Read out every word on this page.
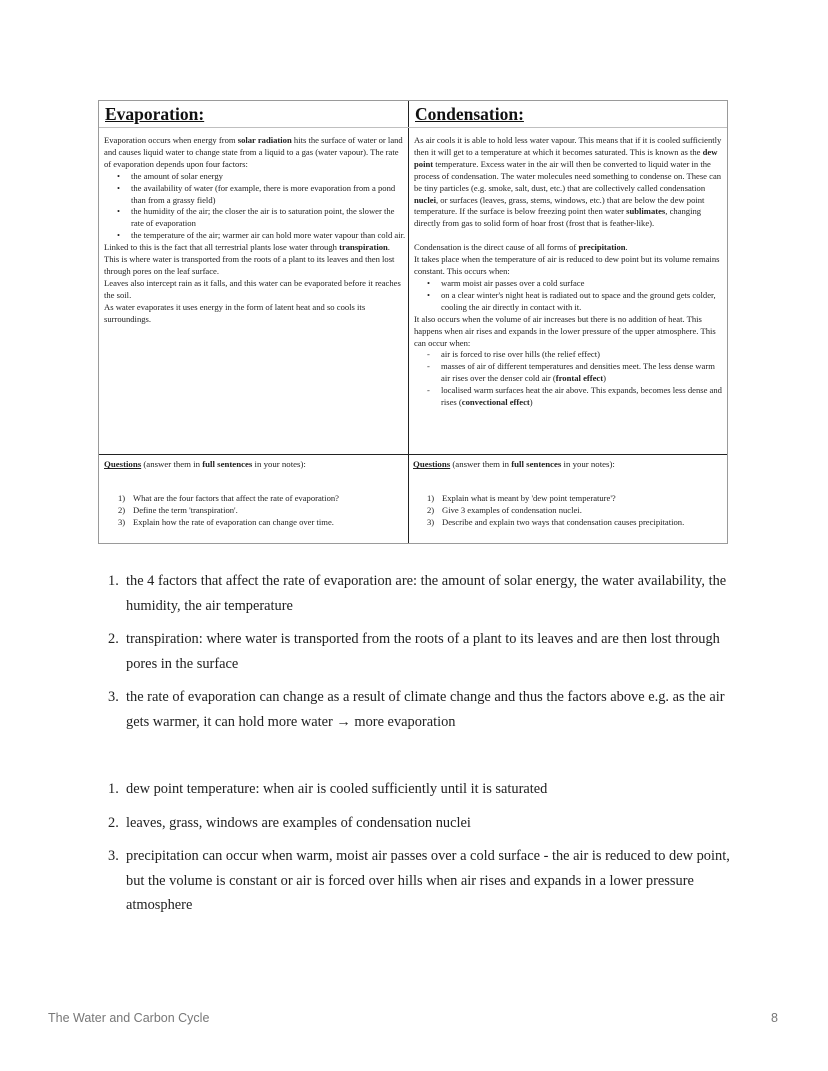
Evaporation:

Evaporation occurs when energy from solar radiation hits the surface of water or land and causes liquid water to change state from a liquid to a gas (water vapour). The rate of evaporation depends upon four factors:

• the amount of solar energy
• the availability of water (for example, there is more evaporation from a pond than from a grassy field)
• the humidity of the air; the closer the air is to saturation point, the slower the rate of evaporation
• the temperature of the air; warmer air can hold more water vapour than cold air.

Linked to this is the fact that all terrestrial plants lose water through transpiration. This is where water is transported from the roots of a plant to its leaves and then lost through pores on the leaf surface.

Leaves also intercept rain as it falls, and this water can be evaporated before it reaches the soil.

As water evaporates it uses energy in the form of latent heat and so cools its surroundings.

Condensation:

As air cools it is able to hold less water vapour. This means that if it is cooled sufficiently then it will get to a temperature at which it becomes saturated. This is known as the dew point temperature. Excess water in the air will then be converted to liquid water in the process of condensation. The water molecules need something to condense on. These can be tiny particles (e.g. smoke, salt, dust, etc.) that are collectively called condensation nuclei, or surfaces (leaves, grass, stems, windows, etc.) that are below the dew point temperature. If the surface is below freezing point then water sublimates, changing directly from gas to solid form of hoar frost (frost that is feather-like).

Condensation is the direct cause of all forms of precipitation.

It takes place when the temperature of air is reduced to dew point but its volume remains constant. This occurs when:

• warm moist air passes over a cold surface
• on a clear winter's night heat is radiated out to space and the ground gets colder, cooling the air directly in contact with it.

It also occurs when the volume of air increases but there is no addition of heat. This happens when air rises and expands in the lower pressure of the upper atmosphere. This can occur when:

- air is forced to rise over hills (the relief effect)
- masses of air of different temperatures and densities meet. The less dense warm air rises over the denser cold air (frontal effect)
- localised warm surfaces heat the air above. This expands, becomes less dense and rises (convectional effect)
Questions (answer them in full sentences in your notes):	Questions (answer them in full sentences in your notes):
1) What are the four factors that affect the rate of evaporation?
2) Define the term 'transpiration'.
3) Explain how the rate of evaporation can change over time.
1) Explain what is meant by 'dew point temperature'?
2) Give 3 examples of condensation nuclei.
3) Describe and explain two ways that condensation causes precipitation.
1. the 4 factors that affect the rate of evaporation are: the amount of solar energy, the water availability, the humidity, the air temperature
2. transpiration: where water is transported from the roots of a plant to its leaves and are then lost through pores in the surface
3. the rate of evaporation can change as a result of climate change and thus the factors above e.g. as the air gets warmer, it can hold more water → more evaporation
1. dew point temperature: when air is cooled sufficiently until it is saturated
2. leaves, grass, windows are examples of condensation nuclei
3. precipitation can occur when warm, moist air passes over a cold surface - the air is reduced to dew point, but the volume is constant or air is forced over hills when air rises and expands in a lower pressure atmosphere
The Water and Carbon Cycle	8
